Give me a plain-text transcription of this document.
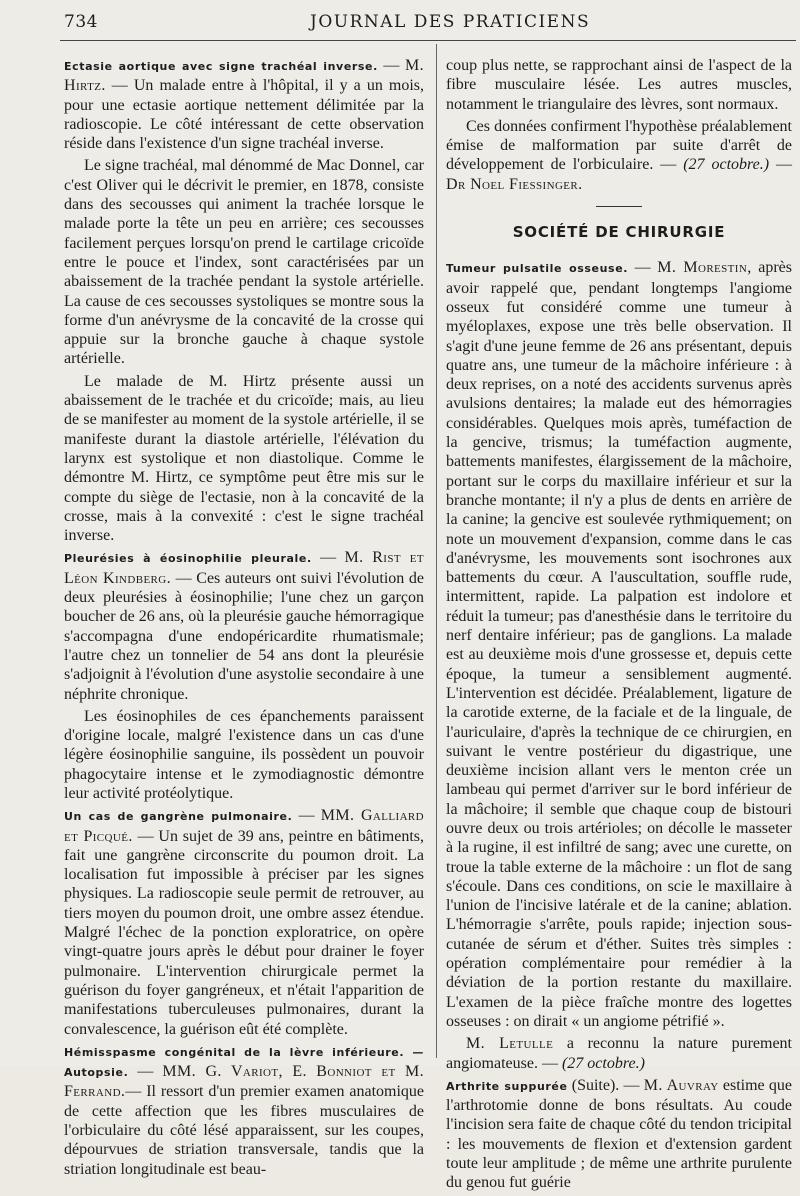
734	JOURNAL DES PRATICIENS

Ectasie aortique avec signe trachéal inverse. — M. Hirtz. — Un malade entre à l'hôpital, il y a un mois, pour une ectasie aortique nettement délimitée par la radioscopie. Le côté intéressant de cette observation réside dans l'existence d'un signe trachéal inverse.

Le signe trachéal, mal dénommé de Mac Donnel, car c'est Oliver qui le décrivit le premier, en 1878, consiste dans des secousses qui animent la trachée lorsque le malade porte la tête un peu en arrière; ces secousses facilement perçues lorsqu'on prend le cartilage cricoïde entre le pouce et l'index, sont caractérisées par un abaissement de la trachée pendant la systole artérielle. La cause de ces secousses systoliques se montre sous la forme d'un anévrysme de la concavité de la crosse qui appuie sur la bronche gauche à chaque systole artérielle.

Le malade de M. Hirtz présente aussi un abaissement de le trachée et du cricoïde; mais, au lieu de se manifester au moment de la systole artérielle, il se manifeste durant la diastole artérielle, l'élévation du larynx est systolique et non diastolique. Comme le démontre M. Hirtz, ce symptôme peut être mis sur le compte du siège de l'ectasie, non à la concavité de la crosse, mais à la convexité : c'est le signe trachéal inverse.

Pleurésies à éosinophilie pleurale. — M. Rist et Léon Kindberg. — Ces auteurs ont suivi l'évolution de deux pleurésies à éosinophilie; l'une chez un garçon boucher de 26 ans, où la pleurésie gauche hémorragique s'accompagna d'une endopéricardite rhumatismale; l'autre chez un tonnelier de 54 ans dont la pleurésie s'adjoignit à l'évolution d'une asystolie secondaire à une néphrite chronique.

Les éosinophiles de ces épanchements paraissent d'origine locale, malgré l'existence dans un cas d'une légère éosinophilie sanguine, ils possèdent un pouvoir phagocytaire intense et le zymodiagnostic démontre leur activité protéolytique.

Un cas de gangrène pulmonaire. — MM. Galliard et Picqué. — Un sujet de 39 ans, peintre en bâtiments, fait une gangrène circonscrite du poumon droit. La localisation fut impossible à préciser par les signes physiques. La radioscopie seule permit de retrouver, au tiers moyen du poumon droit, une ombre assez étendue. Malgré l'échec de la ponction exploratrice, on opère vingt-quatre jours après le début pour drainer le foyer pulmonaire. L'intervention chirurgicale permet la guérison du foyer gangréneux, et n'était l'apparition de manifestations tuberculeuses pulmonaires, durant la convalescence, la guérison eût été complète.

Hémisspasme congénital de la lèvre inférieure. — Autopsie. — MM. G. Variot, E. Bonniot et M. Ferrand.— Il ressort d'un premier examen anatomique de cette affection que les fibres musculaires de l'orbiculaire du côté lésé apparaissent, sur les coupes, dépourvues de striation transversale, tandis que la striation longitudinale est beau-

coup plus nette, se rapprochant ainsi de l'aspect de la fibre musculaire lésée. Les autres muscles, notamment le triangulaire des lèvres, sont normaux.

Ces données confirment l'hypothèse préalablement émise de malformation par suite d'arrêt de développement de l'orbiculaire. — (27 octobre.) — Dr Noel Fiessinger.

SOCIÉTÉ DE CHIRURGIE

Tumeur pulsatile osseuse. — M. Morestin, après avoir rappelé que, pendant longtemps l'angiome osseux fut considéré comme une tumeur à myéloplaxes, expose une très belle observation. Il s'agit d'une jeune femme de 26 ans présentant, depuis quatre ans, une tumeur de la mâchoire inférieure : à deux reprises, on a noté des accidents survenus après avulsions dentaires; la malade eut des hémorragies considérables. Quelques mois après, tuméfaction de la gencive, trismus; la tuméfaction augmente, battements manifestes, élargissement de la mâchoire, portant sur le corps du maxillaire inférieur et sur la branche montante; il n'y a plus de dents en arrière de la canine; la gencive est soulevée rythmiquement; on note un mouvement d'expansion, comme dans le cas d'anévrysme, les mouvements sont isochrones aux battements du cœur. A l'auscultation, souffle rude, intermittent, rapide. La palpation est indolore et réduit la tumeur; pas d'anesthésie dans le territoire du nerf dentaire inférieur; pas de ganglions. La malade est au deuxième mois d'une grossesse et, depuis cette époque, la tumeur a sensiblement augmenté. L'intervention est décidée. Préalablement, ligature de la carotide externe, de la faciale et de la linguale, de l'auriculaire, d'après la technique de ce chirurgien, en suivant le ventre postérieur du digastrique, une deuxième incision allant vers le menton crée un lambeau qui permet d'arriver sur le bord inférieur de la mâchoire; il semble que chaque coup de bistouri ouvre deux ou trois artérioles; on décolle le masseter à la rugine, il est infiltré de sang; avec une curette, on troue la table externe de la mâchoire : un flot de sang s'écoule. Dans ces conditions, on scie le maxillaire à l'union de l'incisive latérale et de la canine; ablation. L'hémorragie s'arrête, pouls rapide; injection sous-cutanée de sérum et d'éther. Suites très simples : opération complémentaire pour remédier à la déviation de la portion restante du maxillaire. L'examen de la pièce fraîche montre des logettes osseuses : on dirait « un angiome pétrifié ».

M. Letulle a reconnu la nature purement angiomateuse. — (27 octobre.)

Arthrite suppurée (Suite). — M. Auvray estime que l'arthrotomie donne de bons résultats. Au coude l'incision sera faite de chaque côté du tendon tricipital : les mouvements de flexion et d'extension gardent toute leur amplitude ; de même une arthrite purulente du genou fut guérie
